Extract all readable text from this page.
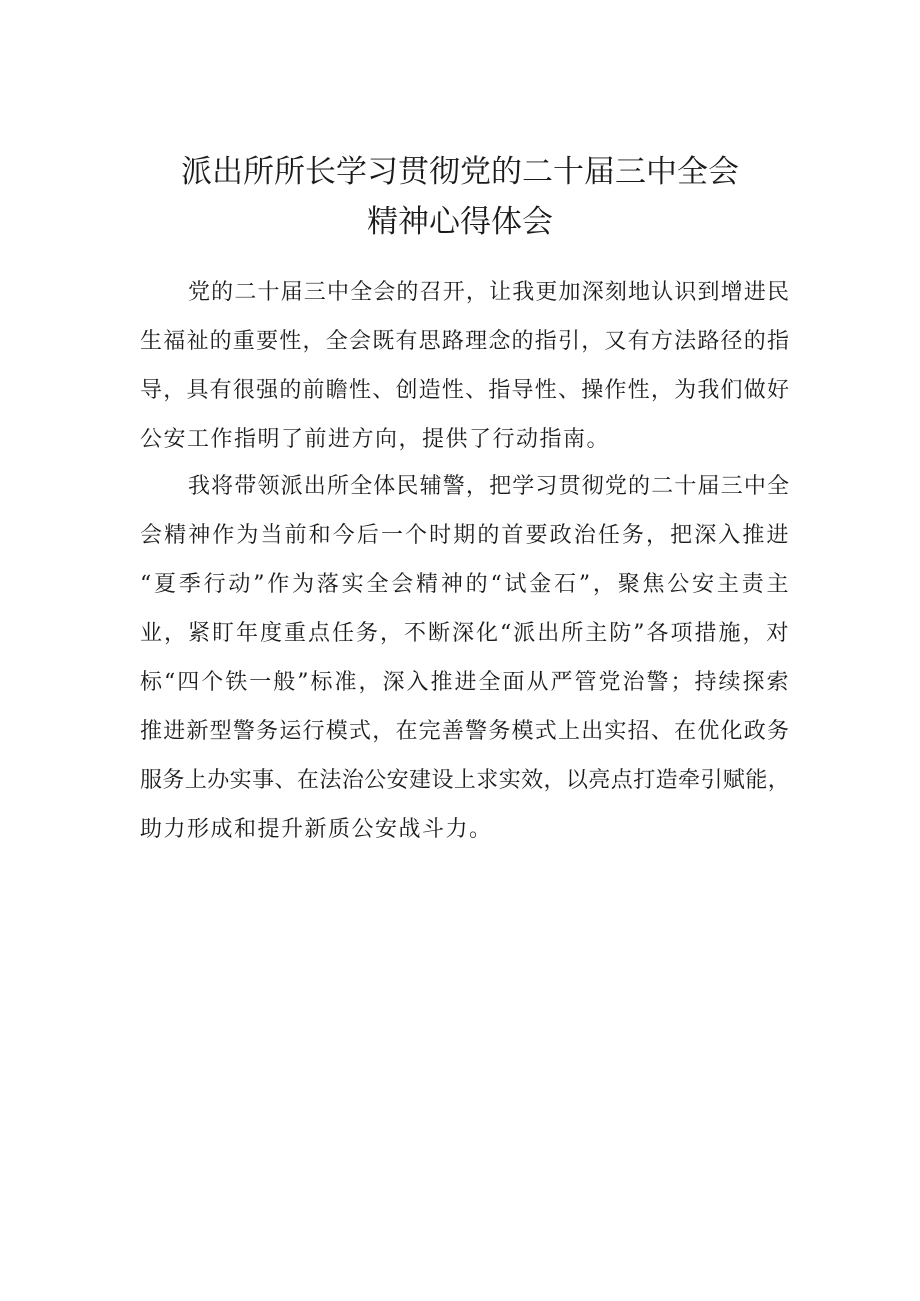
派出所所长学习贯彻党的二十届三中全会
精神心得体会
党的二十届三中全会的召开，让我更加深刻地认识到增进民
生福祉的重要性，全会既有思路理念的指引，又有方法路径的指
导，具有很强的前瞻性、创造性、指导性、操作性，为我们做好
公安工作指明了前进方向，提供了行动指南。
我将带领派出所全体民辅警，把学习贯彻党的二十届三中全
会精神作为当前和今后一个时期的首要政治任务，把深入推进
“夏季行动”作为落实全会精神的“试金石”，聚焦公安主责主
业，紧盯年度重点任务，不断深化“派出所主防”各项措施，对
标“四个铁一般”标准，深入推进全面从严管党治警；持续探索
推进新型警务运行模式，在完善警务模式上出实招、在优化政务
服务上办实事、在法治公安建设上求实效，以亮点打造牵引赋能，
助力形成和提升新质公安战斗力。
